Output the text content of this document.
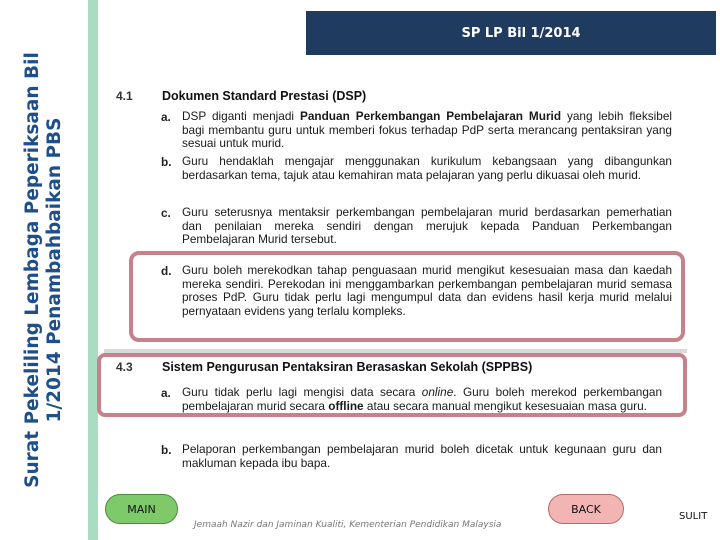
Surat Pekeliling Lembaga Peperiksaan Bil 1/2014 Penambahbaikan PBS
SP LP Bil 1/2014
4.1 Dokumen Standard Prestasi (DSP)
a. DSP diganti menjadi Panduan Perkembangan Pembelajaran Murid yang lebih fleksibel bagi membantu guru untuk memberi fokus terhadap PdP serta merancang pentaksiran yang sesuai untuk murid.
b. Guru hendaklah mengajar menggunakan kurikulum kebangsaan yang dibangunkan berdasarkan tema, tajuk atau kemahiran mata pelajaran yang perlu dikuasai oleh murid.
c. Guru seterusnya mentaksir perkembangan pembelajaran murid berdasarkan pemerhatian dan penilaian mereka sendiri dengan merujuk kepada Panduan Perkembangan Pembelajaran Murid tersebut.
d. Guru boleh merekodkan tahap penguasaan murid mengikut kesesuaian masa dan kaedah mereka sendiri. Perekodan ini menggambarkan perkembangan pembelajaran murid semasa proses PdP. Guru tidak perlu lagi mengumpul data dan evidens hasil kerja murid melalui pernyataan evidens yang terlalu kompleks.
4.3 Sistem Pengurusan Pentaksiran Berasaskan Sekolah (SPPBS)
a. Guru tidak perlu lagi mengisi data secara online. Guru boleh merekod perkembangan pembelajaran murid secara offline atau secara manual mengikut kesesuaian masa guru.
b. Pelaporan perkembangan pembelajaran murid boleh dicetak untuk kegunaan guru dan makluman kepada ibu bapa.
MAIN	BACK
Jemaah Nazir dan Jaminan Kualiti, Kementerian Pendidikan Malaysia
SULIT
